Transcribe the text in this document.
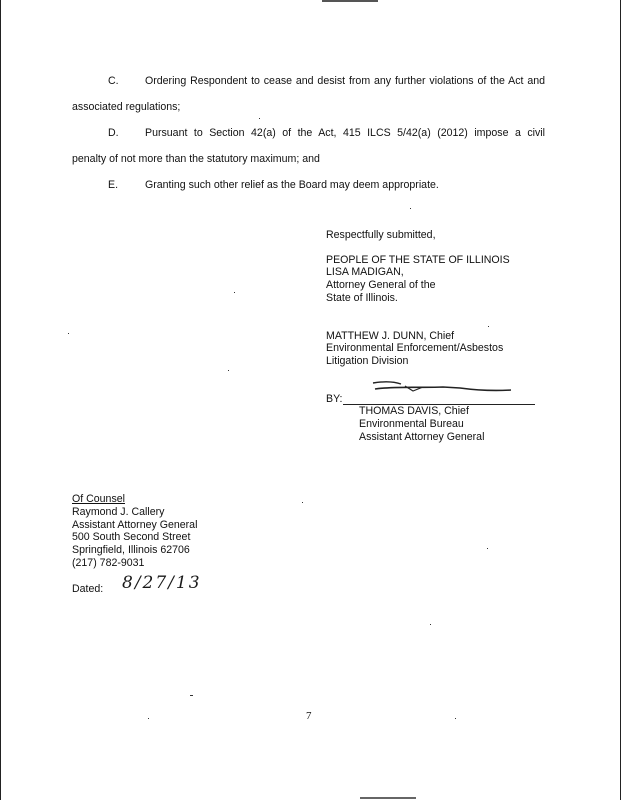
C. Ordering Respondent to cease and desist from any further violations of the Act and
associated regulations;
D. Pursuant to Section 42(a) of the Act, 415 ILCS 5/42(a) (2012) impose a civil
penalty of not more than the statutory maximum; and
E.	Granting such other relief as the Board may deem appropriate.
Respectfully submitted,
PEOPLE OF THE STATE OF ILLINOIS
LISA MADIGAN,
Attorney General of the
State of Illinois.
MATTHEW J. DUNN, Chief
Environmental Enforcement/Asbestos
Litigation Division
BY:
THOMAS DAVIS, Chief
Environmental Bureau
Assistant Attorney General
Of Counsel
Raymond J. Callery
Assistant Attorney General
500 South Second Street
Springfield, Illinois 62706
(217) 782-9031
Dated: 8/27/13
7
